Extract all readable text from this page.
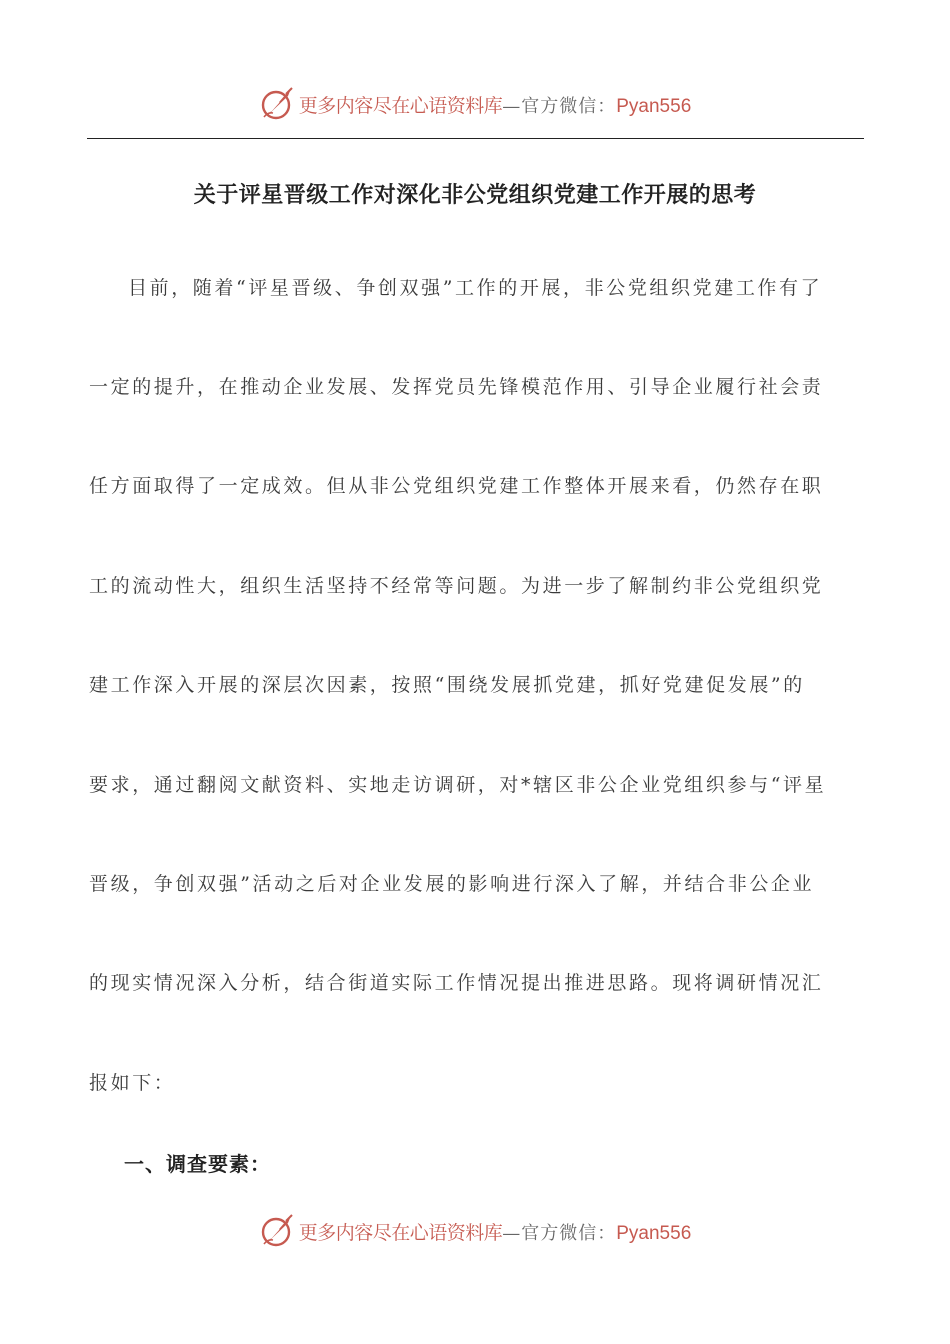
更多内容尽在心语资料库 —官方微信： Pyan556
关于评星晋级工作对深化非公党组织党建工作开展的思考

目前，随着“评星晋级、争创双强”工作的开展，非公党组织党建工作有了

一定的提升，在推动企业发展、发挥党员先锋模范作用、引导企业履行社会责

任方面取得了一定成效。但从非公党组织党建工作整体开展来看，仍然存在职

工的流动性大，组织生活坚持不经常等问题。为进一步了解制约非公党组织党

建工作深入开展的深层次因素，按照“围绕发展抓党建，抓好党建促发展”的

要求，通过翻阅文献资料、实地走访调研，对*辖区非公企业党组织参与“评星

晋级，争创双强”活动之后对企业发展的影响进行深入了解，并结合非公企业

的现实情况深入分析，结合街道实际工作情况提出推进思路。现将调研情况汇

报如下：

一、调查要素：
更多内容尽在心语资料库 —官方微信： Pyan556
